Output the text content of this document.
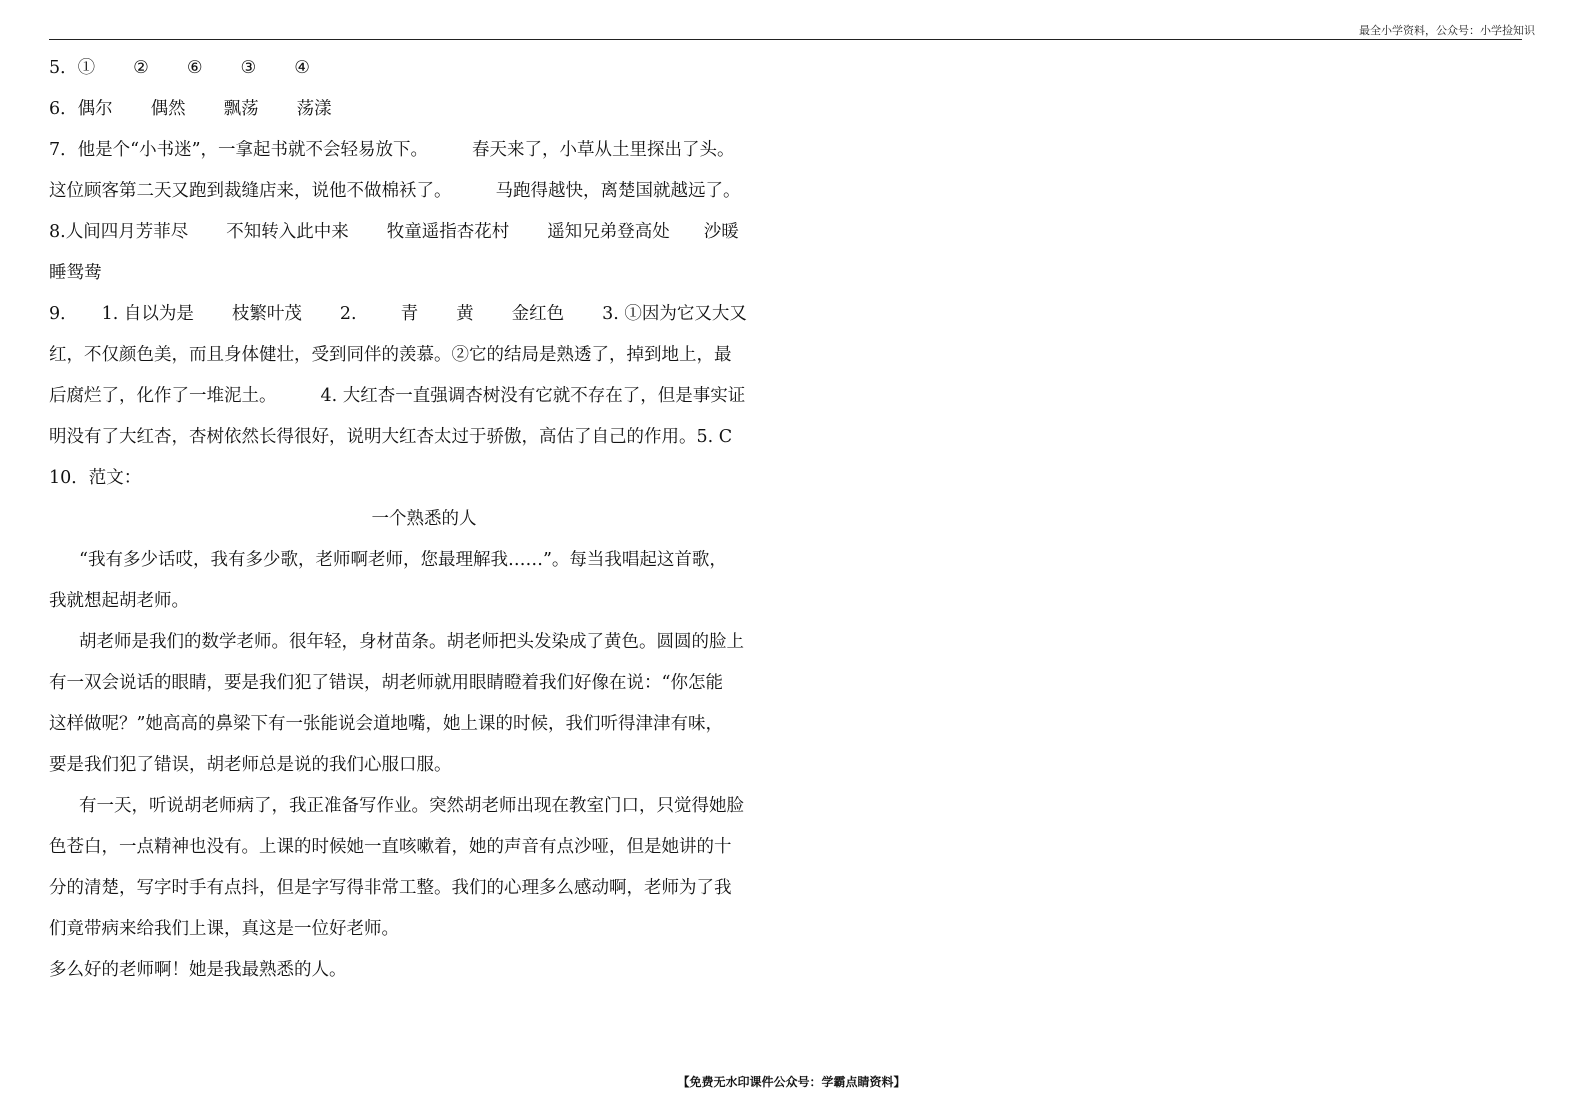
最全小学资料，公众号：小学捡知识
5．① ② ⑥ ③ ④
6．偶尔 偶然 飘荡 荡漾
7．他是个“小书迷”，一拿起书就不会轻易放下。	春天来了，小草从土里探出了头。
这位顾客第二天又跑到裁缝店来，说他不做棉袄了。	马跑得越快，离楚国就越远了。
8.人间四月芳菲尽 不知转入此中来 牧童遥指杏花村 遥知兄弟登高处 沙暖
睡鸳鸯
9． 1. 自以为是 枝繁叶茂 2.	青 黄 金红色 3. ①因为它又大又
红，不仅颜色美，而且身体健壮，受到同伴的羡慕。②它的结局是熟透了，掉到地上，最
后腐烂了，化作了一堆泥土。	4. 大红杏一直强调杏树没有它就不存在了，但是事实证
明没有了大红杏，杏树依然长得很好，说明大红杏太过于骄傲，高估了自己的作用。5. C
10．范文：
一个熟悉的人
“我有多少话哎，我有多少歌，老师啊老师，您最理解我……”。每当我唱起这首歌，
我就想起胡老师。
胡老师是我们的数学老师。很年轻，身材苗条。胡老师把头发染成了黄色。圆圆的脸上
有一双会说话的眼睛，要是我们犯了错误，胡老师就用眼睛瞪着我们好像在说：“你怎能
这样做呢？”她高高的鼻梁下有一张能说会道地嘴，她上课的时候，我们听得津津有味，
要是我们犯了错误，胡老师总是说的我们心服口服。
有一天，听说胡老师病了，我正准备写作业。突然胡老师出现在教室门口，只觉得她脸
色苍白，一点精神也没有。上课的时候她一直咳嗽着，她的声音有点沙哑，但是她讲的十
分的清楚，写字时手有点抖，但是字写得非常工整。我们的心理多么感动啊，老师为了我
们竟带病来给我们上课，真这是一位好老师。
多么好的老师啊！她是我最熟悉的人。
【免费无水印课件公众号：学霸点睛资料】
